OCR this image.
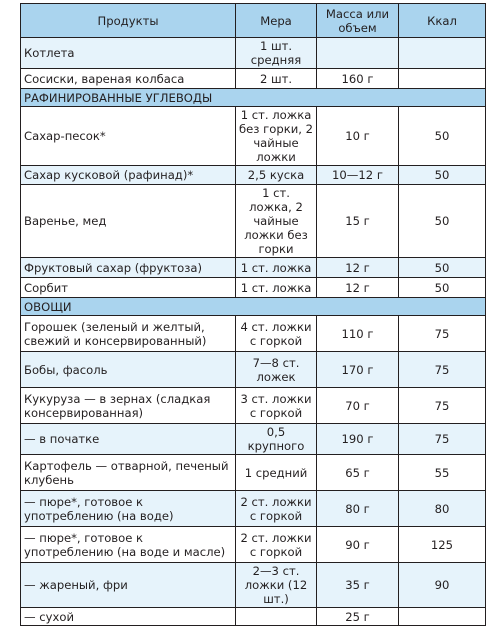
Продукты	Мера	Масса или объем	Ккал
Котлета	1 шт. средняя		
Сосиски, вареная колбаса	2 шт.	160 г	
РАФИНИРОВАННЫЕ УГЛЕВОДЫ			
Сахар-песок*	1 ст. ложка без горки, 2 чайные ложки	10 г	50
Сахар кусковой (рафинад)*	2,5 куска	10—12 г	50
Варенье, мед	1 ст. ложка, 2 чайные ложки без горки	15 г	50
Фруктовый сахар (фруктоза)	1 ст. ложка	12 г	50
Сорбит	1 ст. ложка	12 г	50
ОВОЩИ			
Горошек (зеленый и желтый, свежий и консервированный)	4 ст. ложки с горкой	110 г	75
Бобы, фасоль	7—8 ст. ложек	170 г	75
Кукуруза — в зернах (сладкая консервированная)	3 ст. ложки с горкой	70 г	75
— в початке	0,5 крупного	190 г	75
Картофель — отварной, печеный клубень	1 средний	65 г	55
— пюре*, готовое к употреблению (на воде)	2 ст. ложки с горкой	80 г	80
— пюре*, готовое к употреблению (на воде и масле)	2 ст. ложки с горкой	90 г	125
— жареный, фри	2—3 ст. ложки (12 шт.)	35 г	90
— сухой		25 г	
